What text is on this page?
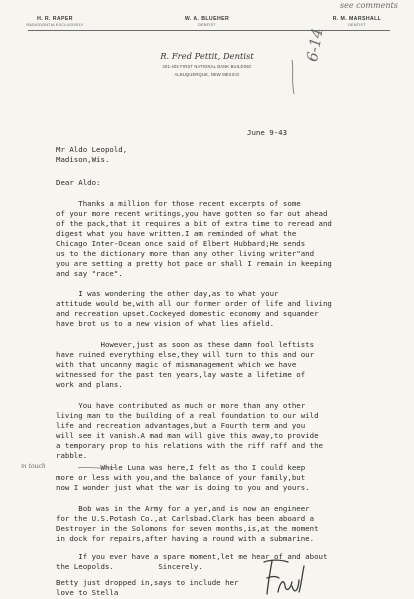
H. R. RAPER
RADIODONTIA EXCLUSIVELY
W. A. BLUEHER
DENTIST
R. M. MARSHALL
DENTIST
R. Fred Pettit, Dentist
401-403 FIRST NATIONAL BANK BUILDING
ALBUQUERQUE, NEW MEXICO
see comments
6-14
m touch
June 9-43
Mr Aldo Leopold,
Madison,Wis.
Dear Aldo:
Thanks a million for those recent excerpts of some
of your more recent writings,you have gotten so far out ahead
of the pack,that it requires a bit of extra time to reread and
digest what you have written.I am reminded of what the
Chicago Inter-Ocean once said of Elbert Hubbard;He sends
us to the dictionary more than any other living writer"and
you are setting a pretty hot pace or shall I remain in keeping
and say "race".
I was wondering the other day,as to what your
attitude would be,with all our former order of life and living
and recreation upset.Cockeyed domestic economy and squander
have brot us to a new vision of what lies afield.
However,just as soon as these damn fool leftists
have ruined everything else,they will turn to this and our
with that uncanny magic of mismanagement which we have
witnessed for the past ten years,lay waste a lifetime of
work and plans.
You have contributed as much or more than any other
living man to the building of a real foundation to our wild
life and recreation advantages,but a Fourth term and you
will see it vanish.A mad man will give this away,to provide
a temporary prop to his relations with the riff raff and the
rabble.
While Luna was here,I felt as tho I could keep
more or less with you,and the balance of your family,but
now I wonder just what the war is doing to you and yours.
Bob was in the Army for a yer,and is now an engineer
for the U.S.Potash Co.,at Carlsbad.Clark has been aboard a
Destroyer in the Solomons for seven months,is,at the moment
in dock for repairs,after having a round with a submarine.
If you ever have a spare moment,let me hear of and about
the Leopolds.          Sincerely.
Betty just dropped in,says to include her
love to Stella
